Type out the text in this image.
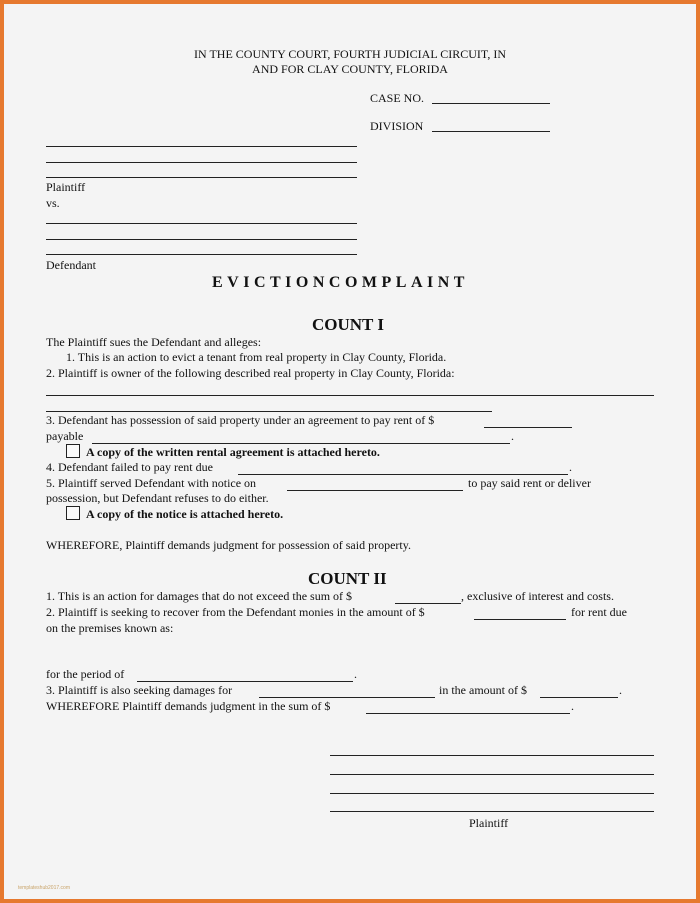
IN THE COUNTY COURT, FOURTH JUDICIAL CIRCUIT, IN
AND FOR CLAY COUNTY, FLORIDA
CASE NO.
DIVISION
Plaintiff
vs.
Defendant
EVICTIONCOMPLAINT
COUNT I
The Plaintiff sues the Defendant and alleges:
1. This is an action to evict a tenant from real property in Clay County, Florida.
2. Plaintiff is owner of the following described real property in Clay County, Florida:
3. Defendant has possession of said property under an agreement to pay rent of $
payable	.
A copy of the written rental agreement is attached hereto.
4. Defendant failed to pay rent due	.
5. Plaintiff served Defendant with notice on	to pay said rent or deliver
possession, but Defendant refuses to do either.
A copy of the notice is attached hereto.
WHEREFORE, Plaintiff demands judgment for possession of said property.
COUNT II
1. This is an action for damages that do not exceed the sum of $	, exclusive of interest and costs.
2. Plaintiff is seeking to recover from the Defendant monies in the amount of $	for rent due
on the premises known as:
for the period of	.
3. Plaintiff is also seeking damages for	in the amount of $	.
WHEREFORE Plaintiff demands judgment in the sum of $	.
Plaintiff
templateshub2017.com
